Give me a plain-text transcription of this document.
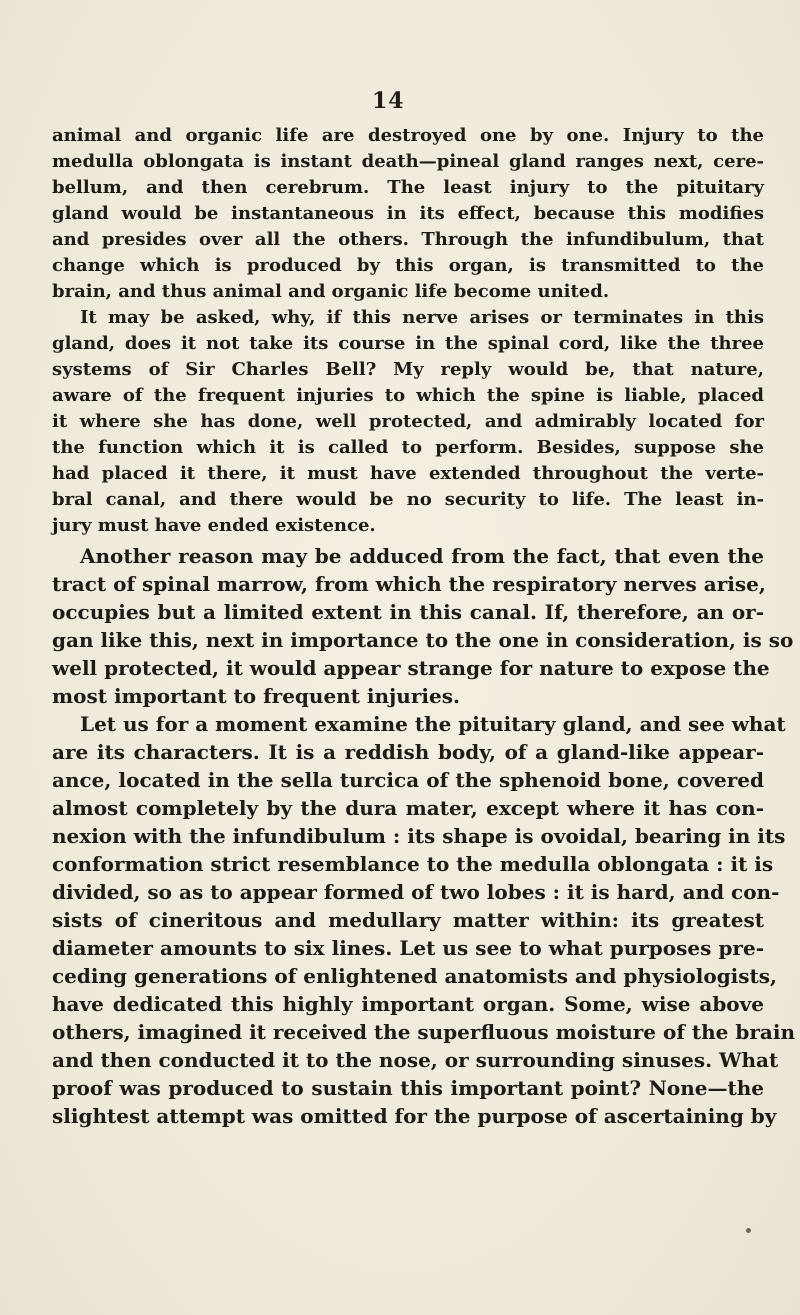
14
animal and organic life are destroyed one by one. Injury to the
medulla oblongata is instant death—pineal gland ranges next, cere-
bellum, and then cerebrum. The least injury to the pituitary
gland would be instantaneous in its effect, because this modifies
and presides over all the others. Through the infundibulum, that
change which is produced by this organ, is transmitted to the
brain, and thus animal and organic life become united.
It may be asked, why, if this nerve arises or terminates in this
gland, does it not take its course in the spinal cord, like the three
systems of Sir Charles Bell? My reply would be, that nature,
aware of the frequent injuries to which the spine is liable, placed
it where she has done, well protected, and admirably located for
the function which it is called to perform. Besides, suppose she
had placed it there, it must have extended throughout the verte-
bral canal, and there would be no security to life. The least in-
jury must have ended existence.
Another reason may be adduced from the fact, that even the
tract of spinal marrow, from which the respiratory nerves arise,
occupies but a limited extent in this canal. If, therefore, an or-
gan like this, next in importance to the one in consideration, is so
well protected, it would appear strange for nature to expose the
most important to frequent injuries.
Let us for a moment examine the pituitary gland, and see what
are its characters. It is a reddish body, of a gland-like appear-
ance, located in the sella turcica of the sphenoid bone, covered
almost completely by the dura mater, except where it has con-
nexion with the infundibulum : its shape is ovoidal, bearing in its
conformation strict resemblance to the medulla oblongata : it is
divided, so as to appear formed of two lobes : it is hard, and con-
sists of cineritous and medullary matter within: its greatest
diameter amounts to six lines. Let us see to what purposes pre-
ceding generations of enlightened anatomists and physiologists,
have dedicated this highly important organ. Some, wise above
others, imagined it received the superfluous moisture of the brain
and then conducted it to the nose, or surrounding sinuses. What
proof was produced to sustain this important point? None—the
slightest attempt was omitted for the purpose of ascertaining by
